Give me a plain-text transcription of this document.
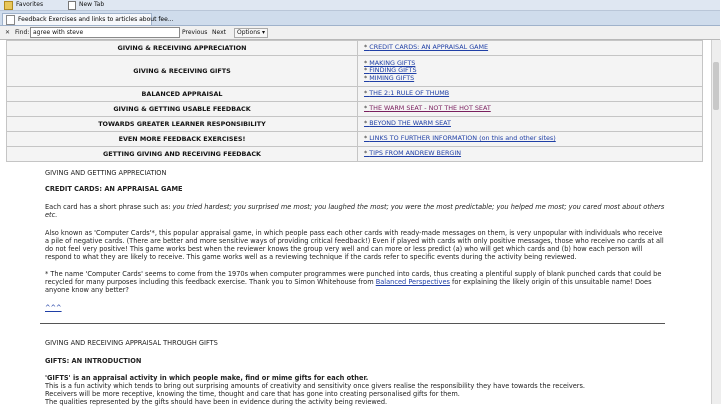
Favorites	New Tab
Feedback Exercises and links to articles about fee...
✕ Find: agree with steve	Previous Next	Options ▾
GIVING & RECEIVING APPRECIATION	* CREDIT CARDS: AN APPRAISAL GAME

GIVING & RECEIVING GIFTS	* MAKING GIFTS
* FINDING GIFTS
* MIMING GIFTS

BALANCED APPRAISAL	* THE 2:1 RULE OF THUMB

GIVING & GETTING USABLE FEEDBACK	* THE WARM SEAT - NOT THE HOT SEAT

TOWARDS GREATER LEARNER RESPONSIBILITY	* BEYOND THE WARM SEAT

EVEN MORE FEEDBACK EXERCISES!	* LINKS TO FURTHER INFORMATION (on this and other sites)

GETTING GIVING AND RECEIVING FEEDBACK	* TIPS FROM ANDREW BERGIN

GIVING AND GETTING APPRECIATION

CREDIT CARDS: AN APPRAISAL GAME

Each card has a short phrase such as: you tried hardest; you surprised me most; you laughed the most; you were the most predictable; you helped me most; you cared most about others etc.

Also known as 'Computer Cards'*, this popular appraisal game, in which people pass each other cards with ready-made messages on them, is very unpopular with individuals who receive a pile of negative cards. (There are better and more sensitive ways of providing critical feedback!) Even if played with cards with only positive messages, those who receive no cards at all do not feel very positive! This game works best when the reviewer knows the group very well and can more or less predict (a) who will get which cards and (b) how each person will respond to what they are likely to receive. This game works well as a reviewing technique if the cards refer to specific events during the activity being reviewed.

* The name 'Computer Cards' seems to come from the 1970s when computer programmes were punched into cards, thus creating a plentiful supply of blank punched cards that could be recycled for many purposes including this feedback exercise. Thank you to Simon Whitehouse from Balanced Perspectives for explaining the likely origin of this unsuitable name! Does anyone know any better?

^^^

GIVING AND RECEIVING APPRAISAL THROUGH GIFTS

GIFTS: AN INTRODUCTION

'GIFTS' is an appraisal activity in which people make, find or mime gifts for each other.

This is a fun activity which tends to bring out surprising amounts of creativity and sensitivity once givers realise the responsibility they have towards the receivers.

Receivers will be more receptive, knowing the time, thought and care that has gone into creating personalised gifts for them.

The qualities represented by the gifts should have been in evidence during the activity being reviewed.
